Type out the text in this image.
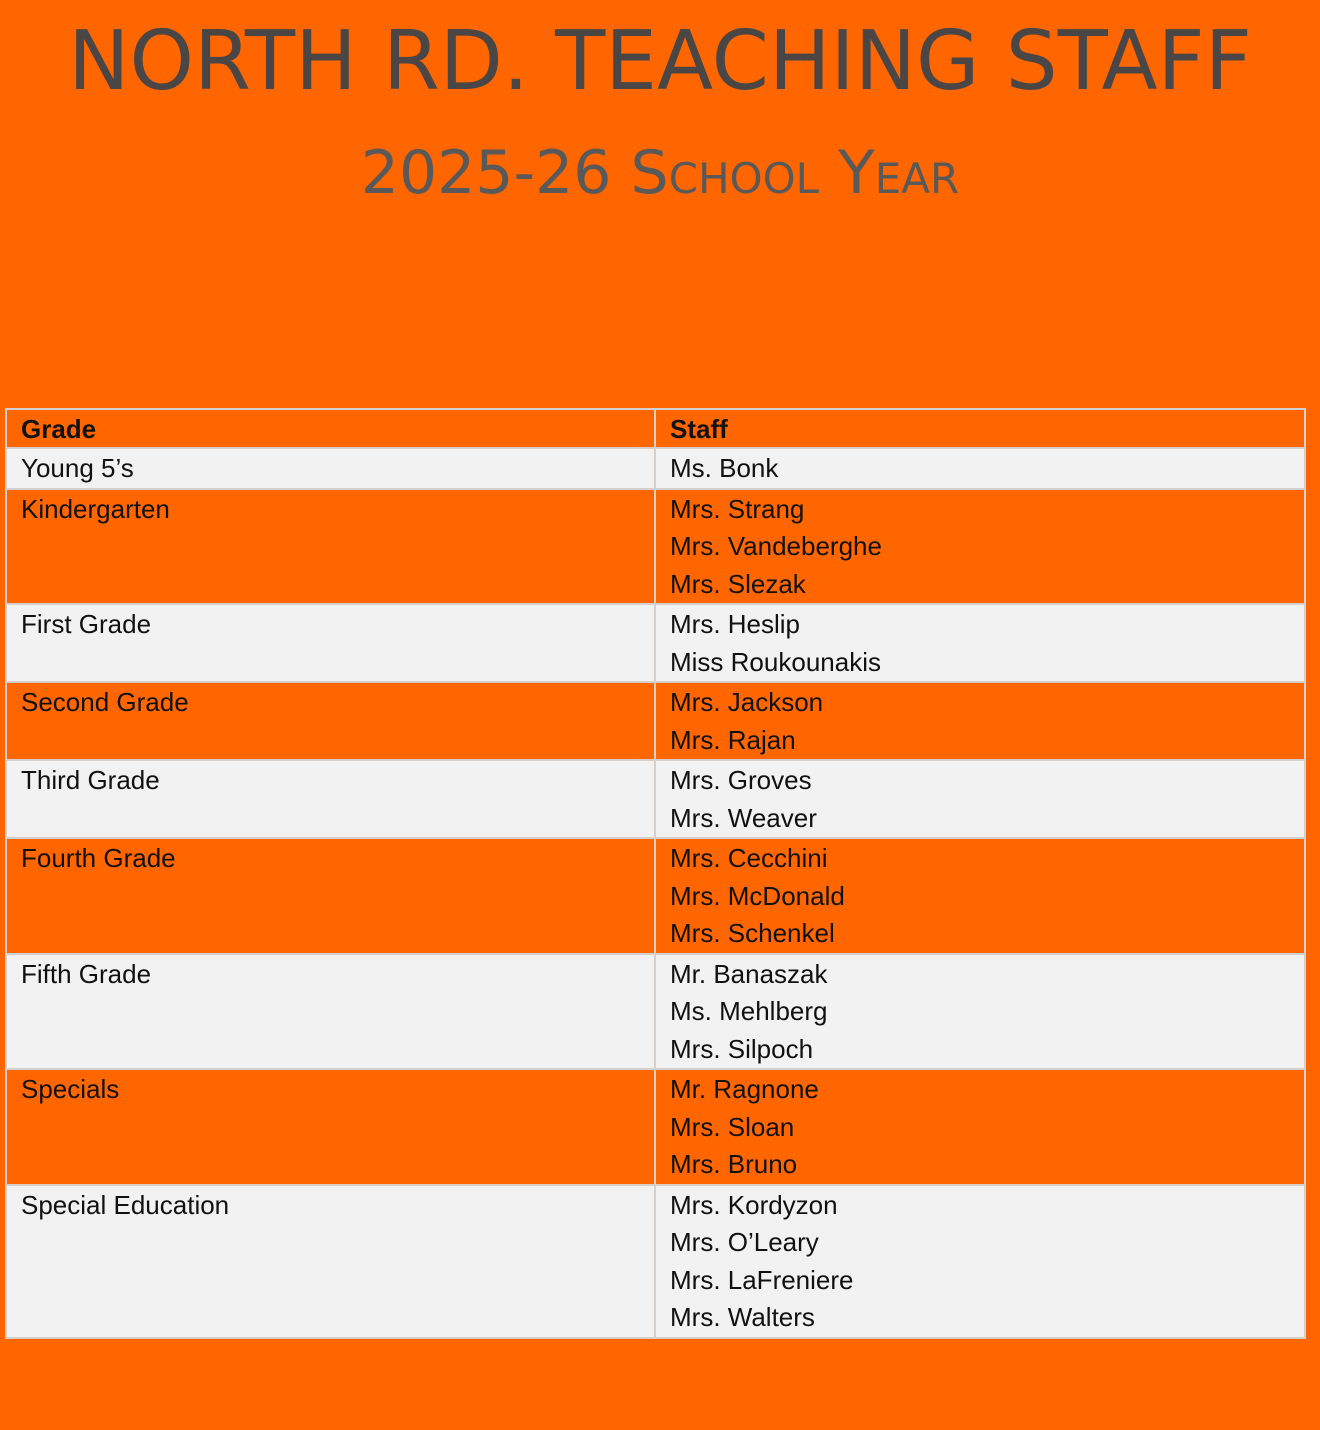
NORTH RD. TEACHING STAFF
2025-26 School Year
Grade	Staff
Young 5’s	Ms. Bonk

Kindergarten	Mrs. Strang
Mrs. Vandeberghe
Mrs. Slezak

First Grade	Mrs. Heslip
Miss Roukounakis

Second Grade	Mrs. Jackson
Mrs. Rajan

Third Grade	Mrs. Groves
Mrs. Weaver

Fourth Grade	Mrs. Cecchini
Mrs. McDonald
Mrs. Schenkel

Fifth Grade	Mr. Banaszak
Ms. Mehlberg
Mrs. Silpoch

Specials	Mr. Ragnone
Mrs. Sloan
Mrs. Bruno

Special Education	Mrs. Kordyzon
Mrs. O’Leary
Mrs. LaFreniere
Mrs. Walters
